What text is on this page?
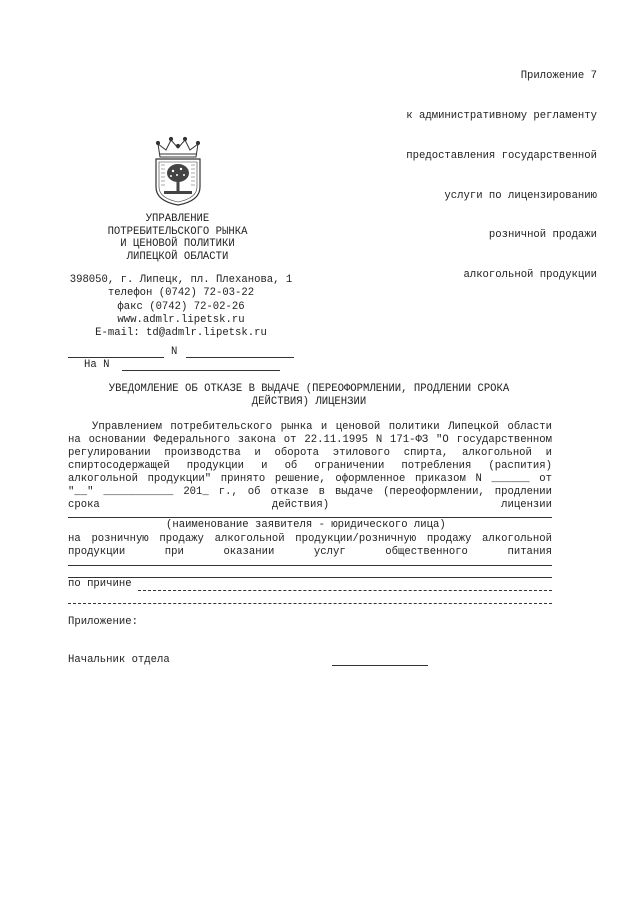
Приложение 7

к административному регламенту

предоставления государственной

услуги по лицензированию

розничной продажи

алкогольной продукции

УПРАВЛЕНИЕ
ПОТРЕБИТЕЛЬСКОГО РЫНКА
И ЦЕНОВОЙ ПОЛИТИКИ
ЛИПЕЦКОЙ ОБЛАСТИ
398050, г. Липецк, пл. Плеханова, 1
телефон (0742) 72-03-22
факс (0742) 72-02-26
www.admlr.lipetsk.ru
E-mail: td@admlr.lipetsk.ru
N
На N
УВЕДОМЛЕНИЕ ОБ ОТКАЗЕ В ВЫДАЧЕ (ПЕРЕОФОРМЛЕНИИ, ПРОДЛЕНИИ СРОКА
ДЕЙСТВИЯ) ЛИЦЕНЗИИ
Управлением потребительского рынка и ценовой политики Липецкой области
на основании Федерального закона от 22.11.1995 N 171-ФЗ "О государственном
регулировании производства и оборота этилового спирта, алкогольной и
спиртосодержащей продукции и об ограничении потребления (распития)
алкогольной продукции" принято решение, оформленное приказом N ______ от
"__" ___________ 201_ г., об отказе в выдаче (переоформлении, продлении
срока действия) лицензии
(наименование заявителя - юридического лица)
на розничную продажу алкогольной продукции/розничную продажу алкогольной
продукции при оказании услуг общественного питания
по причине
Приложение:
Начальник отдела
